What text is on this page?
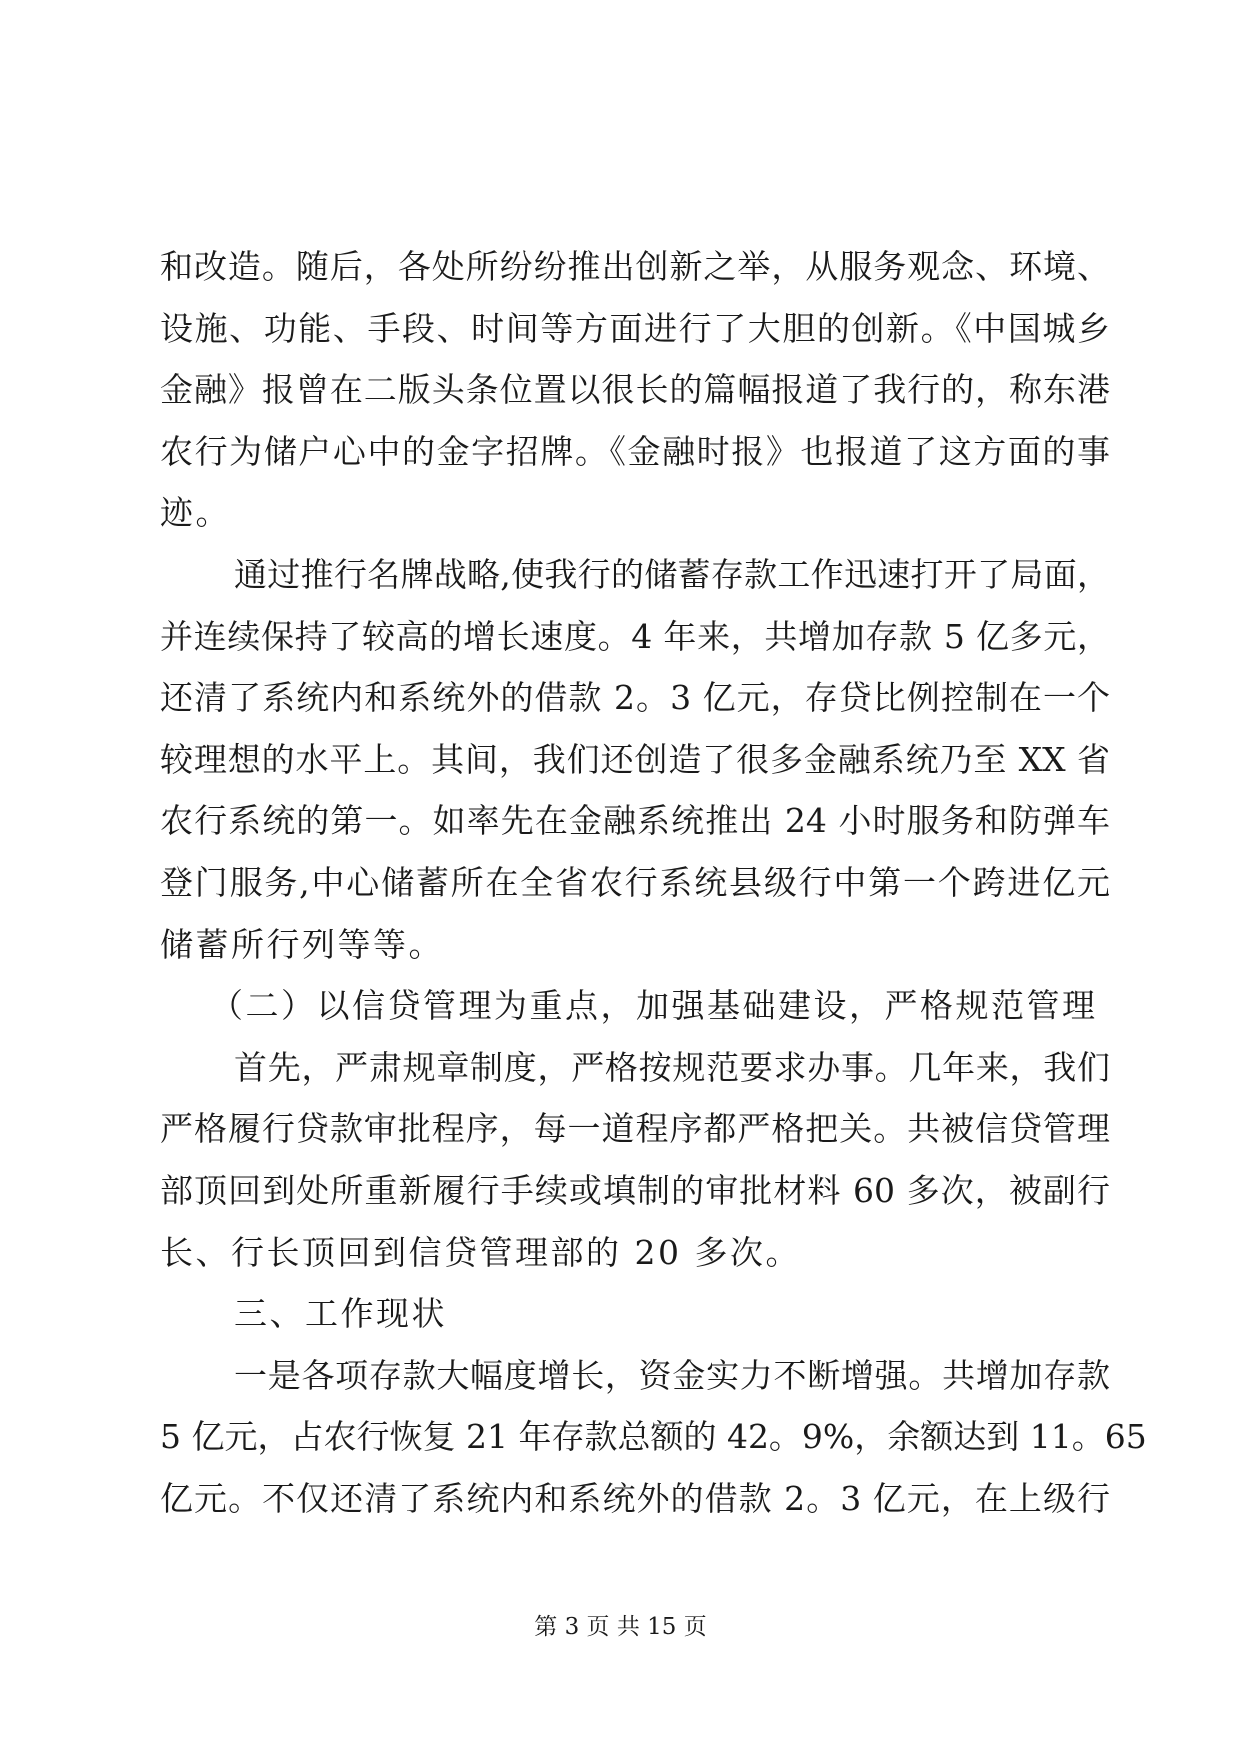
和改造。随后，各处所纷纷推出创新之举，从服务观念、环境、
设施、功能、手段、时间等方面进行了大胆的创新。《中国城乡
金融》报曾在二版头条位置以很长的篇幅报道了我行的，称东港
农行为储户心中的金字招牌。《金融时报》也报道了这方面的事
迹。
通过推行名牌战略,使我行的储蓄存款工作迅速打开了局面，
并连续保持了较高的增长速度。4 年来，共增加存款 5 亿多元，
还清了系统内和系统外的借款 2。3 亿元，存贷比例控制在一个
较理想的水平上。其间，我们还创造了很多金融系统乃至 XX 省
农行系统的第一。如率先在金融系统推出 24 小时服务和防弹车
登门服务,中心储蓄所在全省农行系统县级行中第一个跨进亿元
储蓄所行列等等。
（二）以信贷管理为重点，加强基础建设，严格规范管理
首先，严肃规章制度，严格按规范要求办事。几年来，我们
严格履行贷款审批程序，每一道程序都严格把关。共被信贷管理
部顶回到处所重新履行手续或填制的审批材料 60 多次，被副行
长、行长顶回到信贷管理部的 20 多次。
三、工作现状
一是各项存款大幅度增长，资金实力不断增强。共增加存款
5 亿元，占农行恢复 21 年存款总额的 42。9%，余额达到 11。65
亿元。不仅还清了系统内和系统外的借款 2。3 亿元，在上级行
第 3 页 共 15 页
